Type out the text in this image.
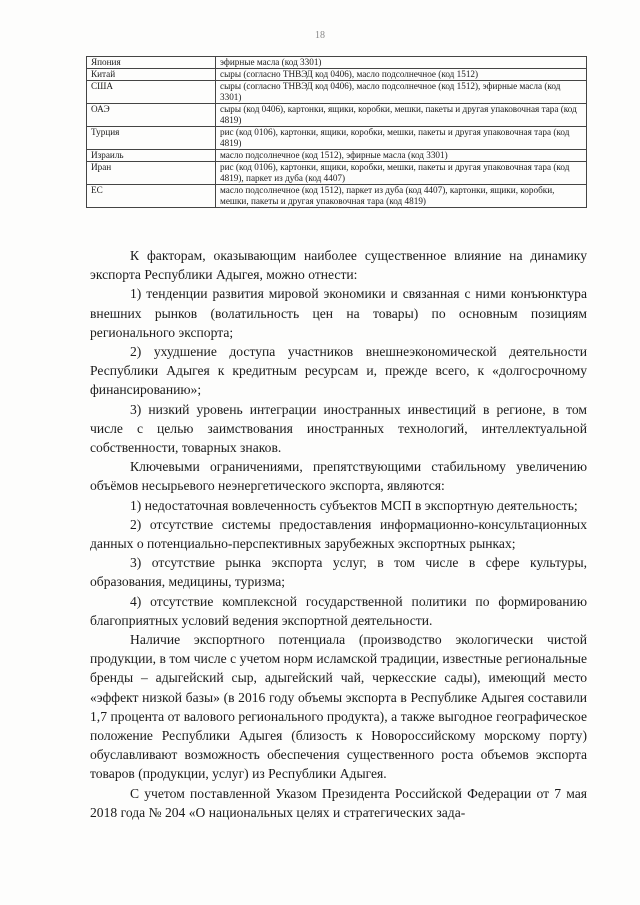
18
Япония	эфирные масла (код 3301)
Китай	сыры (согласно ТНВЭД код 0406), масло подсолнечное (код 1512)
США	сыры (согласно ТНВЭД код 0406), масло подсолнечное (код 1512), эфирные масла (код 3301)
ОАЭ	сыры (код 0406), картонки, ящики, коробки, мешки, пакеты и другая упаковочная тара (код 4819)
Турция	рис (код 0106), картонки, ящики, коробки, мешки, пакеты и другая упаковочная тара (код 4819)
Израиль	масло подсолнечное (код 1512), эфирные масла (код 3301)
Иран	рис (код 0106), картонки, ящики, коробки, мешки, пакеты и другая упаковочная тара (код 4819), паркет из дуба (код 4407)
ЕС	масло подсолнечное (код 1512), паркет из дуба (код 4407), картонки, ящики, коробки, мешки, пакеты и другая упаковочная тара (код 4819)

К факторам, оказывающим наиболее существенное влияние на динамику экспорта Республики Адыгея, можно отнести:

1) тенденции развития мировой экономики и связанная с ними конъюнктура внешних рынков (волатильность цен на товары) по основным позициям регионального экспорта;

2) ухудшение доступа участников внешнеэкономической деятельности Республики Адыгея к кредитным ресурсам и, прежде всего, к «долгосрочному финансированию»;

3) низкий уровень интеграции иностранных инвестиций в регионе, в том числе с целью заимствования иностранных технологий, интеллектуальной собственности, товарных знаков.

Ключевыми ограничениями, препятствующими стабильному увеличению объёмов несырьевого неэнергетического экспорта, являются:

1) недостаточная вовлеченность субъектов МСП в экспортную деятельность;

2) отсутствие системы предоставления информационно-консультационных данных о потенциально-перспективных зарубежных экспортных рынках;

3) отсутствие рынка экспорта услуг, в том числе в сфере культуры, образования, медицины, туризма;

4) отсутствие комплексной государственной политики по формированию благоприятных условий ведения экспортной деятельности.

Наличие экспортного потенциала (производство экологически чистой продукции, в том числе с учетом норм исламской традиции, известные региональные бренды – адыгейский сыр, адыгейский чай, черкесские сады), имеющий место «эффект низкой базы» (в 2016 году объемы экспорта в Республике Адыгея составили 1,7 процента от валового регионального продукта), а также выгодное географическое положение Республики Адыгея (близость к Новороссийскому морскому порту) обуславливают возможность обеспечения существенного роста объемов экспорта товаров (продукции, услуг) из Республики Адыгея.

С учетом поставленной Указом Президента Российской Федерации от 7 мая 2018 года № 204 «О национальных целях и стратегических зада-
